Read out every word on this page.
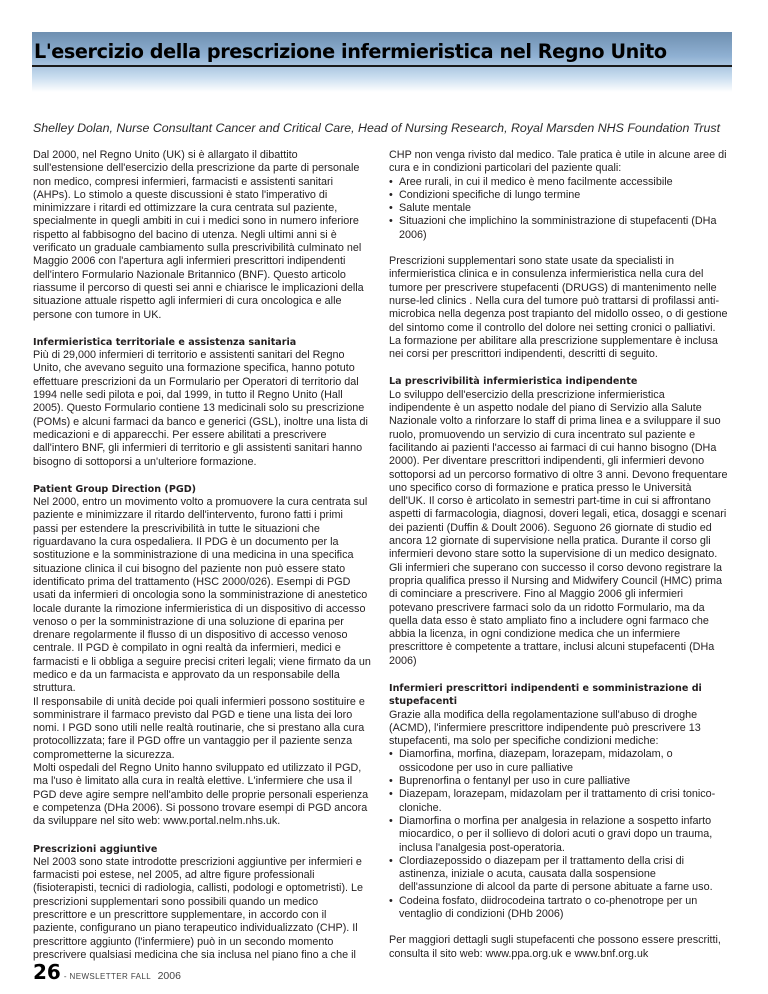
L'esercizio della prescrizione infermieristica nel Regno Unito
Shelley Dolan, Nurse Consultant Cancer and Critical Care, Head of Nursing Research, Royal Marsden NHS Foundation Trust

Dal 2000, nel Regno Unito (UK) si è allargato il dibattito sull'estensione dell'esercizio della prescrizione da parte di personale non medico, compresi infermieri, farmacisti e assistenti sanitari (AHPs). Lo stimolo a queste discussioni è stato l'imperativo di minimizzare i ritardi ed ottimizzare la cura centrata sul paziente, specialmente in quegli ambiti in cui i medici sono in numero inferiore rispetto al fabbisogno del bacino di utenza. Negli ultimi anni si è verificato un graduale cambiamento sulla prescrivibilità culminato nel Maggio 2006 con l'apertura agli infermieri prescrittori indipendenti dell'intero Formulario Nazionale Britannico (BNF). Questo articolo riassume il percorso di questi sei anni e chiarisce le implicazioni della situazione attuale rispetto agli infermieri di cura oncologica e alle persone con tumore in UK.

Infermieristica territoriale e assistenza sanitaria

Più di 29,000 infermieri di territorio e assistenti sanitari del Regno Unito, che avevano seguito una formazione specifica, hanno potuto effettuare prescrizioni da un Formulario per Operatori di territorio dal 1994 nelle sedi pilota e poi, dal 1999, in tutto il Regno Unito (Hall 2005). Questo Formulario contiene 13 medicinali solo su prescrizione (POMs) e alcuni farmaci da banco e generici (GSL), inoltre una lista di medicazioni e di apparecchi. Per essere abilitati a prescrivere dall'intero BNF, gli infermieri di territorio e gli assistenti sanitari hanno bisogno di sottoporsi a un'ulteriore formazione.

Patient Group Direction (PGD)

Nel 2000, entro un movimento volto a promuovere la cura centrata sul paziente e minimizzare il ritardo dell'intervento, furono fatti i primi passi per estendere la prescrivibilità in tutte le situazioni che riguardavano la cura ospedaliera. Il PDG è un documento per la sostituzione e la somministrazione di una medicina in una specifica situazione clinica il cui bisogno del paziente non può essere stato identificato prima del trattamento (HSC 2000/026). Esempi di PGD usati da infermieri di oncologia sono la somministrazione di anestetico locale durante la rimozione infermieristica di un dispositivo di accesso venoso o per la somministrazione di una soluzione di eparina per drenare regolarmente il flusso di un dispositivo di accesso venoso centrale. Il PGD è compilato in ogni realtà da infermieri, medici e farmacisti e li obbliga a seguire precisi criteri legali; viene firmato da un medico e da un farmacista e approvato da un responsabile della struttura.

Il responsabile di unità decide poi quali infermieri possono sostituire e somministrare il farmaco previsto dal PGD e tiene una lista dei loro nomi. I PGD sono utili nelle realtà routinarie, che si prestano alla cura protocollizzata; fare il PGD offre un vantaggio per il paziente senza comprometterne la sicurezza.

Molti ospedali del Regno Unito hanno sviluppato ed utilizzato il PGD, ma l'uso è limitato alla cura in realtà elettive. L'infermiere che usa il PGD deve agire sempre nell'ambito delle proprie personali esperienza e competenza (DHa 2006). Si possono trovare esempi di PGD ancora da sviluppare nel sito web: www.portal.nelm.nhs.uk.

Prescrizioni aggiuntive

Nel 2003 sono state introdotte prescrizioni aggiuntive per infermieri e farmacisti poi estese, nel 2005, ad altre figure professionali (fisioterapisti, tecnici di radiologia, callisti, podologi e optometristi). Le prescrizioni supplementari sono possibili quando un medico prescrittore e un prescrittore supplementare, in accordo con il paziente, configurano un piano terapeutico individualizzato (CHP). Il prescrittore aggiunto (l'infermiere) può in un secondo momento prescrivere qualsiasi medicina che sia inclusa nel piano fino a che il

CHP non venga rivisto dal medico. Tale pratica è utile in alcune aree di cura e in condizioni particolari del paziente quali:

• Aree rurali, in cui il medico è meno facilmente accessibile
• Condizioni specifiche di lungo termine
• Salute mentale
• Situazioni che implichino la somministrazione di stupefacenti (DHa 2006)

Prescrizioni supplementari sono state usate da specialisti in infermieristica clinica e in consulenza infermieristica nella cura del tumore per prescrivere stupefacenti (DRUGS) di mantenimento nelle nurse-led clinics . Nella cura del tumore può trattarsi di profilassi anti-microbica nella degenza post trapianto del midollo osseo, o di gestione del sintomo come il controllo del dolore nei setting cronici o palliativi. La formazione per abilitare alla prescrizione supplementare è inclusa nei corsi per prescrittori indipendenti, descritti di seguito.

La prescrivibilità infermieristica indipendente

Lo sviluppo dell'esercizio della prescrizione infermieristica indipendente è un aspetto nodale del piano di Servizio alla Salute Nazionale volto a rinforzare lo staff di prima linea e a sviluppare il suo ruolo, promuovendo un servizio di cura incentrato sul paziente e facilitando ai pazienti l'accesso ai farmaci di cui hanno bisogno (DHa 2000). Per diventare prescrittori indipendenti, gli infermieri devono sottoporsi ad un percorso formativo di oltre 3 anni. Devono frequentare uno specifico corso di formazione e pratica presso le Università dell'UK. Il corso è articolato in semestri part-time in cui si affrontano aspetti di farmacologia, diagnosi, doveri legali, etica, dosaggi e scenari dei pazienti (Duffin & Doult 2006). Seguono 26 giornate di studio ed ancora 12 giornate di supervisione nella pratica. Durante il corso gli infermieri devono stare sotto la supervisione di un medico designato. Gli infermieri che superano con successo il corso devono registrare la propria qualifica presso il Nursing and Midwifery Council (HMC) prima di cominciare a prescrivere. Fino al Maggio 2006 gli infermieri potevano prescrivere farmaci solo da un ridotto Formulario, ma da quella data esso è stato ampliato fino a includere ogni farmaco che abbia la licenza, in ogni condizione medica che un infermiere prescrittore è competente a trattare, inclusi alcuni stupefacenti (DHa 2006)

Infermieri prescrittori indipendenti e somministrazione di stupefacenti

Grazie alla modifica della regolamentazione sull'abuso di droghe (ACMD), l'infermiere prescrittore indipendente può prescrivere 13 stupefacenti, ma solo per specifiche condizioni mediche:

• Diamorfina, morfina, diazepam, lorazepam, midazolam, o ossicodone per uso in cure palliative
• Buprenorfina o fentanyl per uso in cure palliative
• Diazepam, lorazepam, midazolam per il trattamento di crisi tonico-cloniche.
• Diamorfina o morfina per analgesia in relazione a sospetto infarto miocardico, o per il sollievo di dolori acuti o gravi dopo un trauma, inclusa l'analgesia post-operatoria.
• Clordiazepossido o diazepam per il trattamento della crisi di astinenza, iniziale o acuta, causata dalla sospensione dell'assunzione di alcool da parte di persone abituate a farne uso.
• Codeina fosfato, diidrocodeina tartrato o co-phenotrope per un ventaglio di condizioni (DHb 2006)

Per maggiori dettagli sugli stupefacenti che possono essere prescritti, consulta il sito web: www.ppa.org.uk e www.bnf.org.uk

26 - NEWSLETTER FALL 2006
